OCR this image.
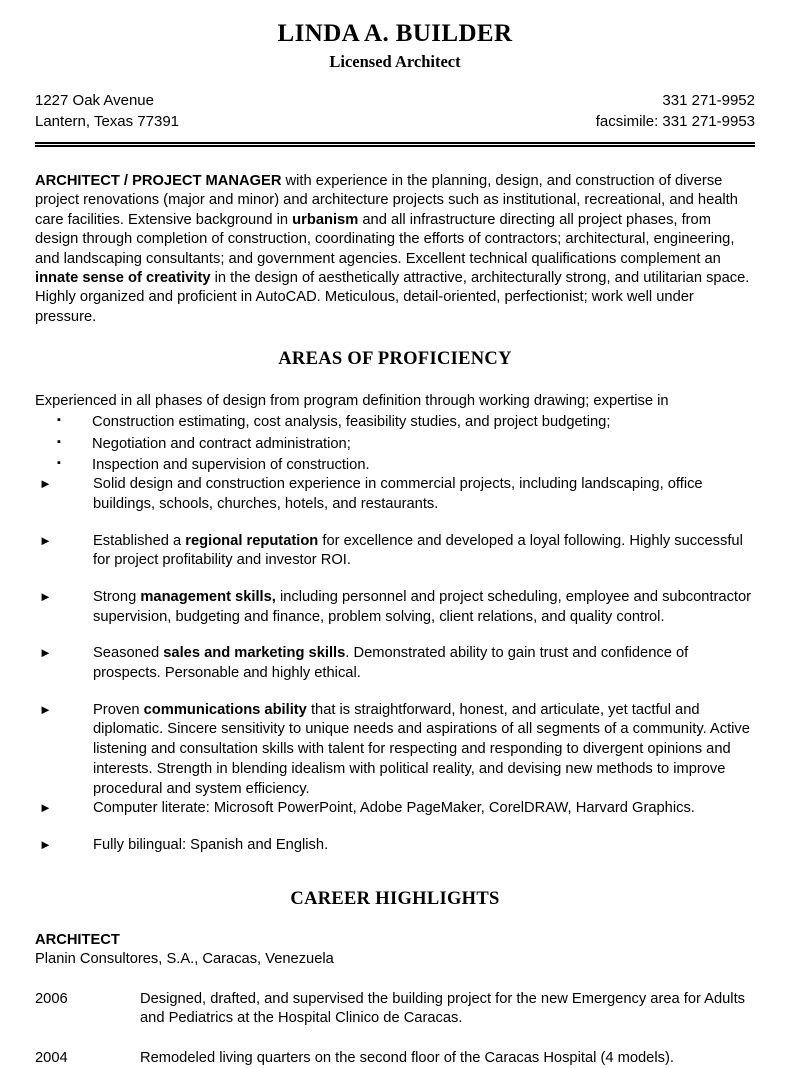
LINDA A. BUILDER
Licensed Architect
1227 Oak Avenue
Lantern, Texas 77391
331 271-9952
facsimile: 331 271-9953

ARCHITECT / PROJECT MANAGER with experience in the planning, design, and construction of diverse project renovations (major and minor) and architecture projects such as institutional, recreational, and health care facilities. Extensive background in urbanism and all infrastructure directing all project phases, from design through completion of construction, coordinating the efforts of contractors; architectural, engineering, and landscaping consultants; and government agencies. Excellent technical qualifications complement an innate sense of creativity in the design of aesthetically attractive, architecturally strong, and utilitarian space. Highly organized and proficient in AutoCAD. Meticulous, detail-oriented, perfectionist; work well under pressure.

AREAS OF PROFICIENCY
Experienced in all phases of design from program definition through working drawing; expertise in
▪ Construction estimating, cost analysis, feasibility studies, and project budgeting;
▪ Negotiation and contract administration;
▪ Inspection and supervision of construction.
►	Solid design and construction experience in commercial projects, including landscaping, office buildings, schools, churches, hotels, and restaurants.
►	Established a regional reputation for excellence and developed a loyal following. Highly successful for project profitability and investor ROI.
►	Strong management skills, including personnel and project scheduling, employee and subcontractor supervision, budgeting and finance, problem solving, client relations, and quality control.
►	Seasoned sales and marketing skills. Demonstrated ability to gain trust and confidence of prospects. Personable and highly ethical.
►	Proven communications ability that is straightforward, honest, and articulate, yet tactful and diplomatic. Sincere sensitivity to unique needs and aspirations of all segments of a community. Active listening and consultation skills with talent for respecting and responding to divergent opinions and interests. Strength in blending idealism with political reality, and devising new methods to improve procedural and system efficiency.
►	Computer literate: Microsoft PowerPoint, Adobe PageMaker, CorelDRAW, Harvard Graphics.
►	Fully bilingual: Spanish and English.
CAREER HIGHLIGHTS
ARCHITECT
Planin Consultores, S.A., Caracas, Venezuela
2006	Designed, drafted, and supervised the building project for the new Emergency area for Adults and Pediatrics at the Hospital Clinico de Caracas.
2004	Remodeled living quarters on the second floor of the Caracas Hospital (4 models).
